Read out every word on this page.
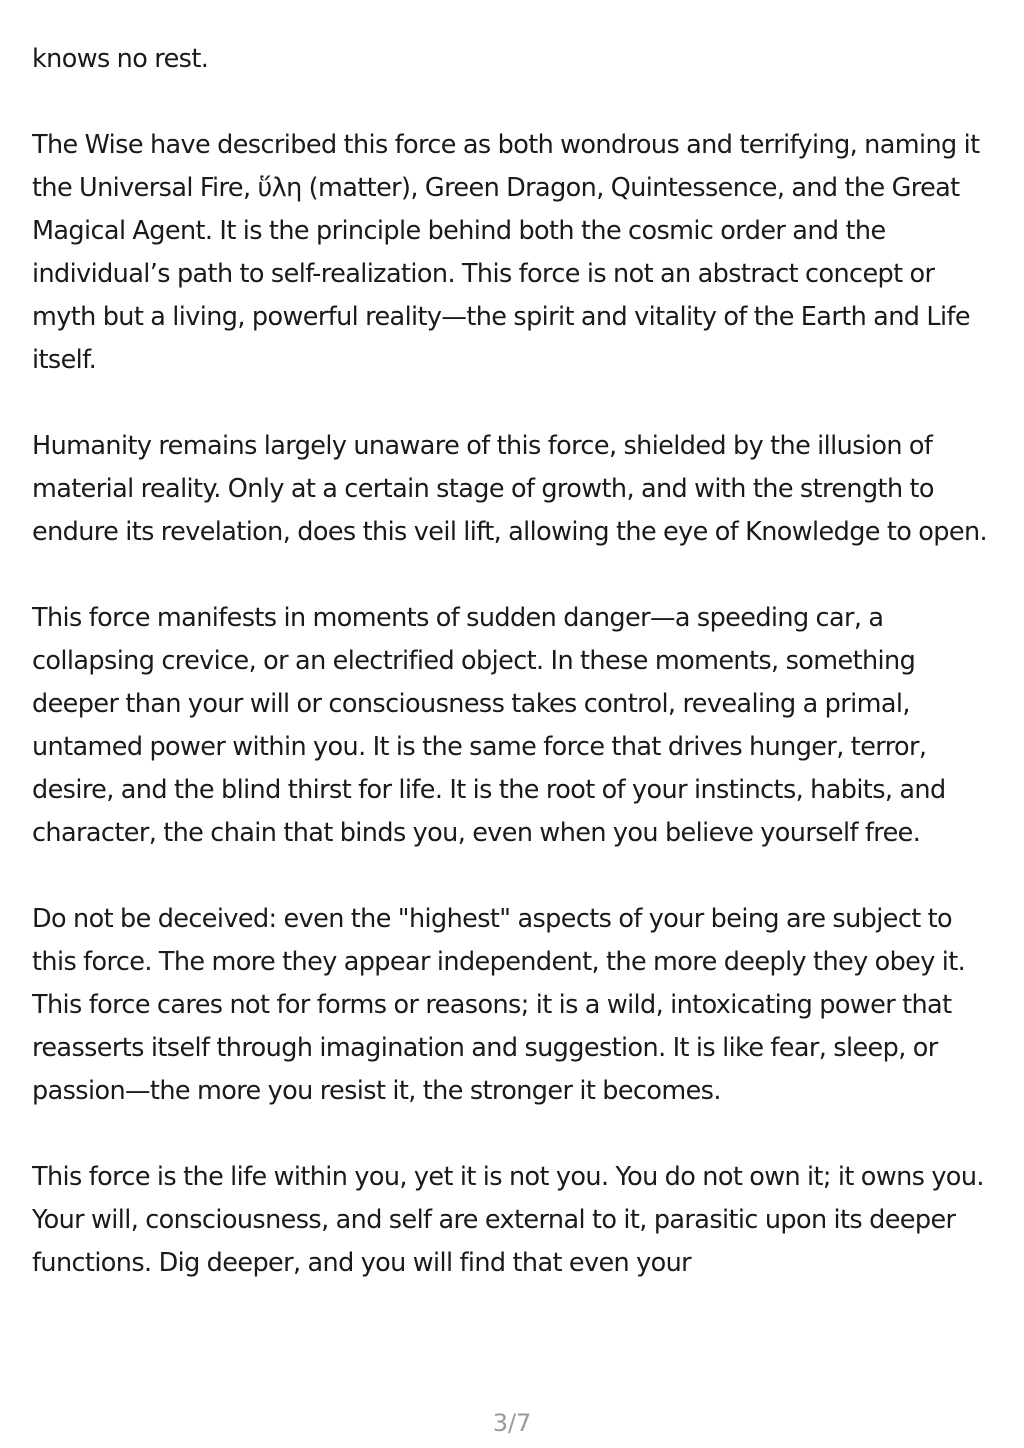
knows no rest.

The Wise have described this force as both wondrous and terrifying, naming it the Universal Fire, ὕλη (matter), Green Dragon, Quintessence, and the Great Magical Agent. It is the principle behind both the cosmic order and the individual’s path to self-realization. This force is not an abstract concept or myth but a living, powerful reality—the spirit and vitality of the Earth and Life itself.

Humanity remains largely unaware of this force, shielded by the illusion of material reality. Only at a certain stage of growth, and with the strength to endure its revelation, does this veil lift, allowing the eye of Knowledge to open.

This force manifests in moments of sudden danger—a speeding car, a collapsing crevice, or an electrified object. In these moments, something deeper than your will or consciousness takes control, revealing a primal, untamed power within you. It is the same force that drives hunger, terror, desire, and the blind thirst for life. It is the root of your instincts, habits, and character, the chain that binds you, even when you believe yourself free.

Do not be deceived: even the "highest" aspects of your being are subject to this force. The more they appear independent, the more deeply they obey it. This force cares not for forms or reasons; it is a wild, intoxicating power that reasserts itself through imagination and suggestion. It is like fear, sleep, or passion—the more you resist it, the stronger it becomes.

This force is the life within you, yet it is not you. You do not own it; it owns you. Your will, consciousness, and self are external to it, parasitic upon its deeper functions. Dig deeper, and you will find that even your

3/7
